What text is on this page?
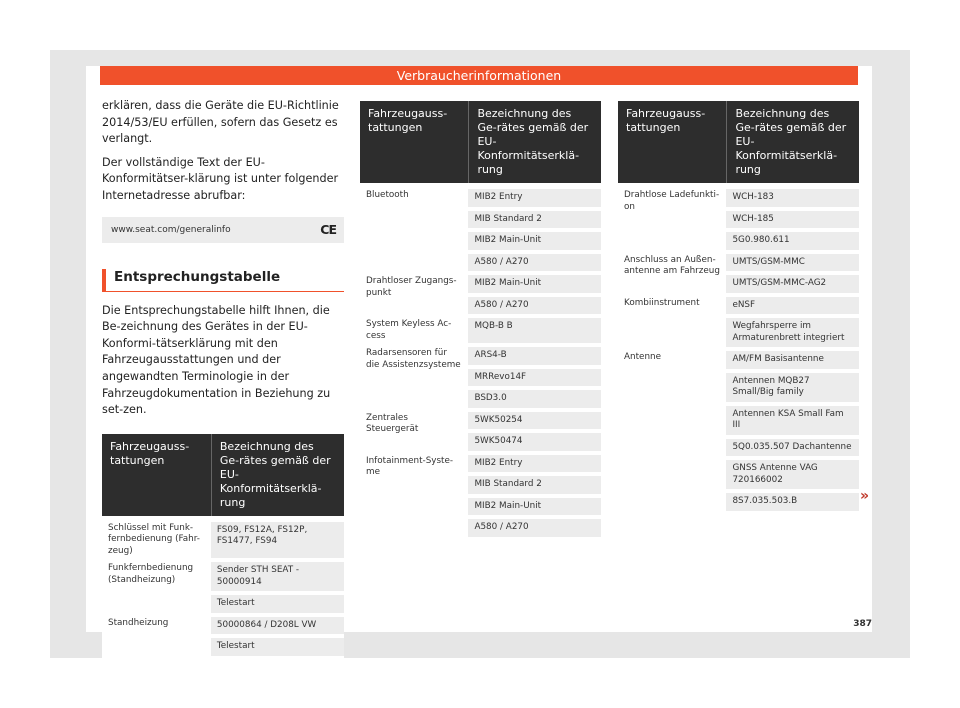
Verbraucherinformationen

erklären, dass die Geräte die EU-Richtlinie 2014/53/EU erfüllen, sofern das Gesetz es verlangt.

Der vollständige Text der EU-Konformitätser-klärung ist unter folgender Internetadresse abrufbar:

www.seat.com/generalinfo	CE
Entsprechungstabelle

Die Entsprechungstabelle hilft Ihnen, die Be-zeichnung des Gerätes in der EU-Konformi-tätserklärung mit den Fahrzeugausstattungen und der angewandten Terminologie in der Fahrzeugdokumentation in Beziehung zu set-zen.

Fahrzeugauss-tattungen	Bezeichnung des Ge-rätes gemäß der EU-Konformitätserklä-rung

Schlüssel mit Funk-fernbedienung (Fahr-zeug)	FS09, FS12A, FS12P, FS1477, FS94
Funkfernbedienung (Standheizung)	Sender STH SEAT - 50000914
	Telestart
Standheizung	50000864 / D208L VW
	Telestart
Fahrzeugauss-tattungen	Bezeichnung des Ge-rätes gemäß der EU-Konformitätserklä-rung

Bluetooth	MIB2 Entry
	MIB Standard 2
	MIB2 Main-Unit
	A580 / A270
Drahtloser Zugangs-punkt	MIB2 Main-Unit
	A580 / A270
System Keyless Ac-cess	MQB-B B
Radarsensoren für die Assistenzsysteme	ARS4-B
	MRRevo14F
	BSD3.0
Zentrales Steuergerät	5WK50254
	5WK50474
Infotainment-Syste-me	MIB2 Entry
	MIB Standard 2
	MIB2 Main-Unit
	A580 / A270
Fahrzeugauss-tattungen	Bezeichnung des Ge-rätes gemäß der EU-Konformitätserklä-rung

Drahtlose Ladefunkti-on	WCH-183
	WCH-185
	5G0.980.611
Anschluss an Außen-antenne am Fahrzeug	UMTS/GSM-MMC
	UMTS/GSM-MMC-AG2
Kombiinstrument	eNSF
	Wegfahrsperre im Armaturenbrett integriert
Antenne	AM/FM Basisantenne
	Antennen MQB27 Small/Big family
	Antennen KSA Small Fam III
	5Q0.035.507 Dachantenne
	GNSS Antenne VAG 720166002
	8S7.035.503.B	»
387
